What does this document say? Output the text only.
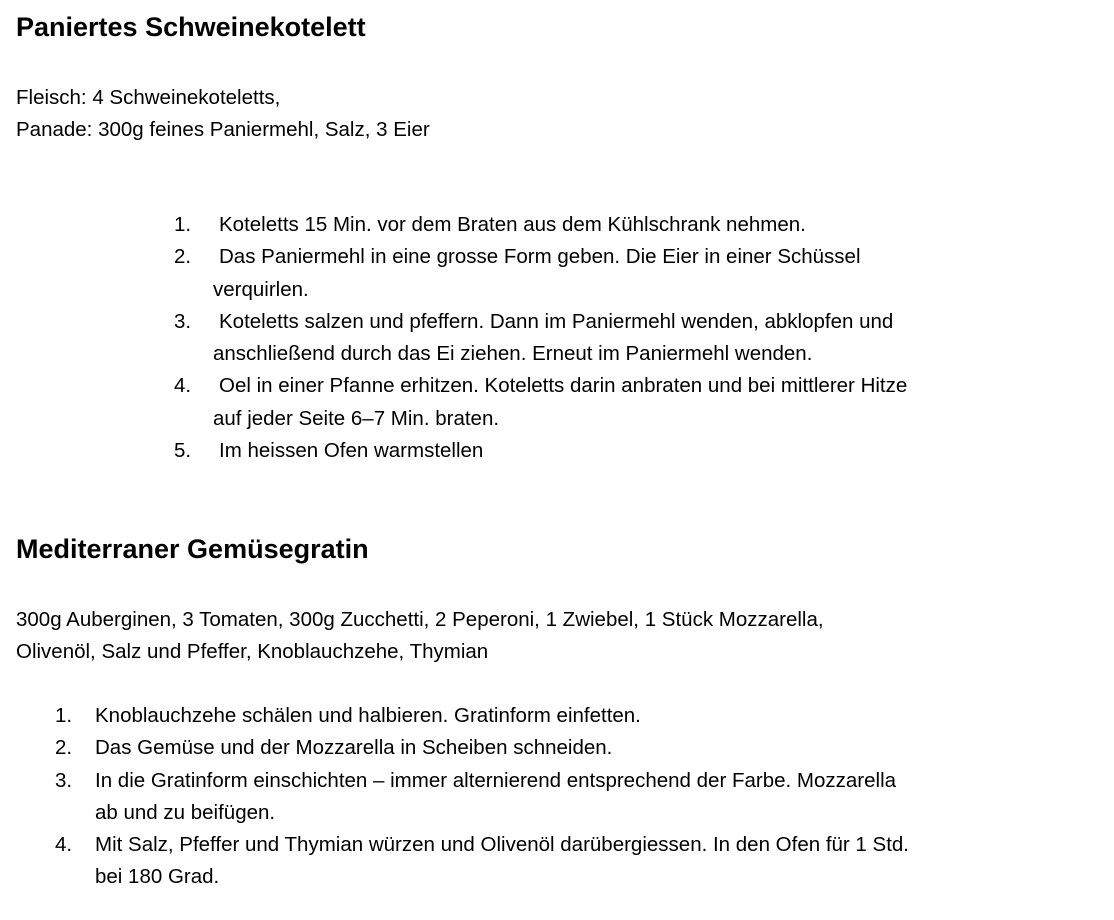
Paniertes Schweinekotelett

Fleisch: 4 Schweinekoteletts,

Panade: 300g feines Paniermehl, Salz, 3 Eier

1. Koteletts 15 Min. vor dem Braten aus dem Kühlschrank nehmen.
2. Das Paniermehl in eine grosse Form geben. Die Eier in einer Schüssel
verquirlen.
3. Koteletts salzen und pfeffern. Dann im Paniermehl wenden, abklopfen und
anschließend durch das Ei ziehen. Erneut im Paniermehl wenden.
4. Oel in einer Pfanne erhitzen. Koteletts darin anbraten und bei mittlerer Hitze
auf jeder Seite 6–7 Min. braten.
5. Im heissen Ofen warmstellen
Mediterraner Gemüsegratin

300g Auberginen, 3 Tomaten, 300g Zucchetti, 2 Peperoni, 1 Zwiebel, 1 Stück Mozzarella,

Olivenöl, Salz und Pfeffer, Knoblauchzehe, Thymian

1. Knoblauchzehe schälen und halbieren. Gratinform einfetten.
2. Das Gemüse und der Mozzarella in Scheiben schneiden.
3. In die Gratinform einschichten – immer alternierend entsprechend der Farbe. Mozzarella
ab und zu beifügen.
4. Mit Salz, Pfeffer und Thymian würzen und Olivenöl darübergiessen. In den Ofen für 1 Std.
bei 180 Grad.
